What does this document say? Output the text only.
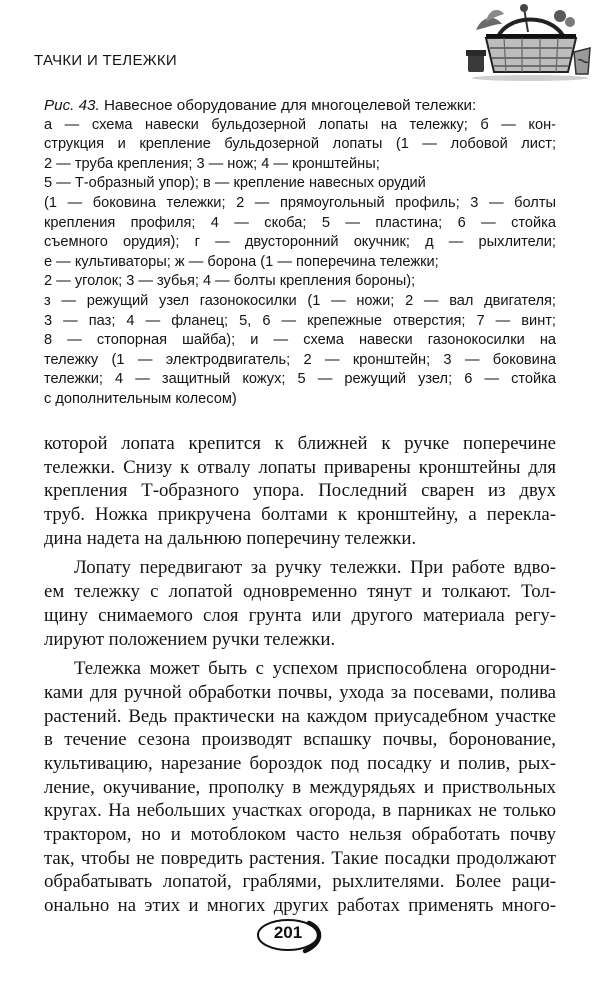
ТАЧКИ И ТЕЛЕЖКИ
Рис. 43. Навесное оборудование для многоцелевой тележки:
а — схема навески бульдозерной лопаты на тележку; б — кон-
струкция и крепление бульдозерной лопаты (1 — лобовой лист;
2 — труба крепления; 3 — нож; 4 — кронштейны;
5 — Т-образный упор); в — крепление навесных орудий
(1 — боковина тележки; 2 — прямоугольный профиль; 3 — болты
крепления профиля; 4 — скоба; 5 — пластина; 6 — стойка
съемного орудия); г — двусторонний окучник; д — рыхлители;
е — культиваторы; ж — борона (1 — поперечина тележки;
2 — уголок; 3 — зубья; 4 — болты крепления бороны);
з — режущий узел газонокосилки (1 — ножи; 2 — вал двигателя;
3 — паз; 4 — фланец; 5, 6 — крепежные отверстия; 7 — винт;
8 — стопорная шайба); и — схема навески газонокосилки на
тележку (1 — электродвигатель; 2 — кронштейн; 3 — боковина
тележки; 4 — защитный кожух; 5 — режущий узел; 6 — стойка
с дополнительным колесом)
которой лопата крепится к ближней к ручке поперечине
тележки. Снизу к отвалу лопаты приварены кронштейны для
крепления Т-образного упора. Последний сварен из двух
труб. Ножка прикручена болтами к кронштейну, а перекла-
дина надета на дальнюю поперечину тележки.
Лопату передвигают за ручку тележки. При работе вдво-
ем тележку с лопатой одновременно тянут и толкают. Тол-
щину снимаемого слоя грунта или другого материала регу-
лируют положением ручки тележки.
Тележка может быть с успехом приспособлена огородни-
ками для ручной обработки почвы, ухода за посевами, полива
растений. Ведь практически на каждом приусадебном участке
в течение сезона производят вспашку почвы, боронование,
культивацию, нарезание бороздок под посадку и полив, рых-
ление, окучивание, прополку в междурядьях и приствольных
кругах. На небольших участках огорода, в парниках не только
трактором, но и мотоблоком часто нельзя обработать почву
так, чтобы не повредить растения. Такие посадки продолжают
обрабатывать лопатой, граблями, рыхлителями. Более раци-
онально на этих и многих других работах применять много-
201
